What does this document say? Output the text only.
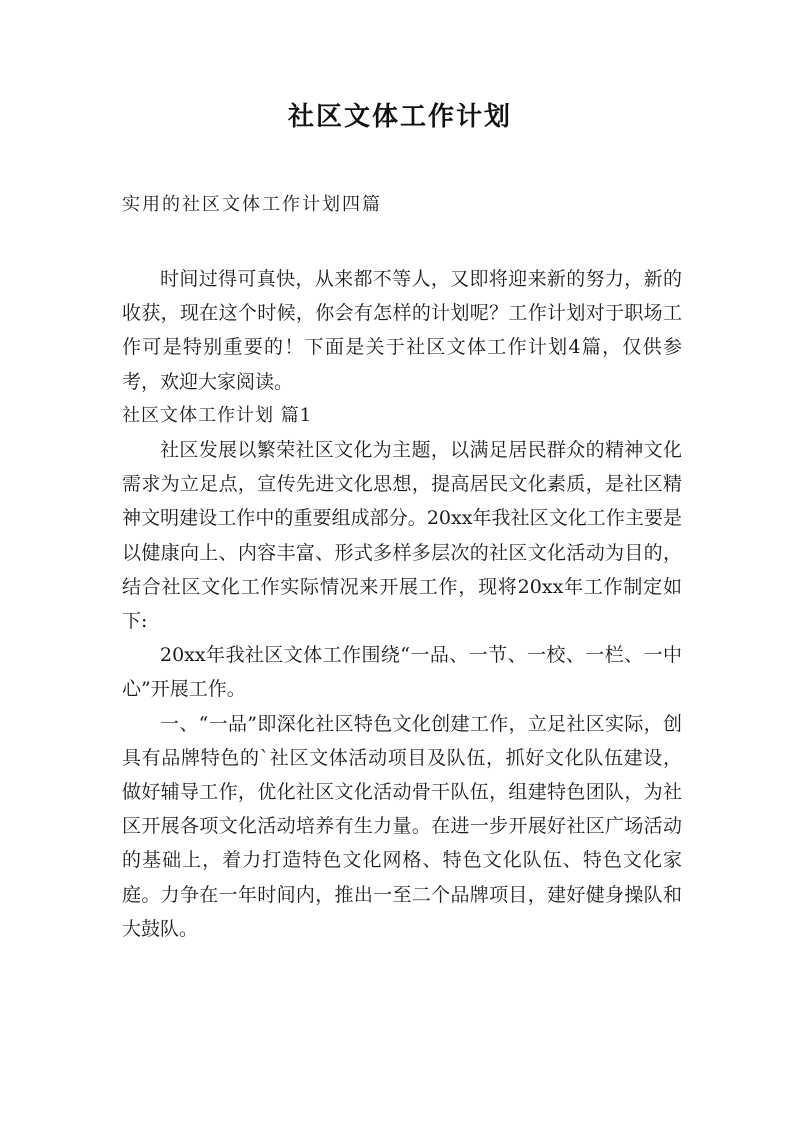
社区文体工作计划
实用的社区文体工作计划四篇

时间过得可真快，从来都不等人，又即将迎来新的努力，新的收获，现在这个时候，你会有怎样的计划呢？工作计划对于职场工作可是特别重要的！下面是关于社区文体工作计划4篇，仅供参考，欢迎大家阅读。

社区文体工作计划 篇1

社区发展以繁荣社区文化为主题，以满足居民群众的精神文化需求为立足点，宣传先进文化思想，提高居民文化素质，是社区精神文明建设工作中的重要组成部分。20xx年我社区文化工作主要是以健康向上、内容丰富、形式多样多层次的社区文化活动为目的，结合社区文化工作实际情况来开展工作，现将20xx年工作制定如下:

20xx年我社区文体工作围绕“一品、一节、一校、一栏、一中心”开展工作。

一、“一品”即深化社区特色文化创建工作，立足社区实际，创具有品牌特色的`社区文体活动项目及队伍，抓好文化队伍建设，做好辅导工作，优化社区文化活动骨干队伍，组建特色团队，为社区开展各项文化活动培养有生力量。在进一步开展好社区广场活动的基础上，着力打造特色文化网格、特色文化队伍、特色文化家庭。力争在一年时间内，推出一至二个品牌项目，建好健身操队和大鼓队。
